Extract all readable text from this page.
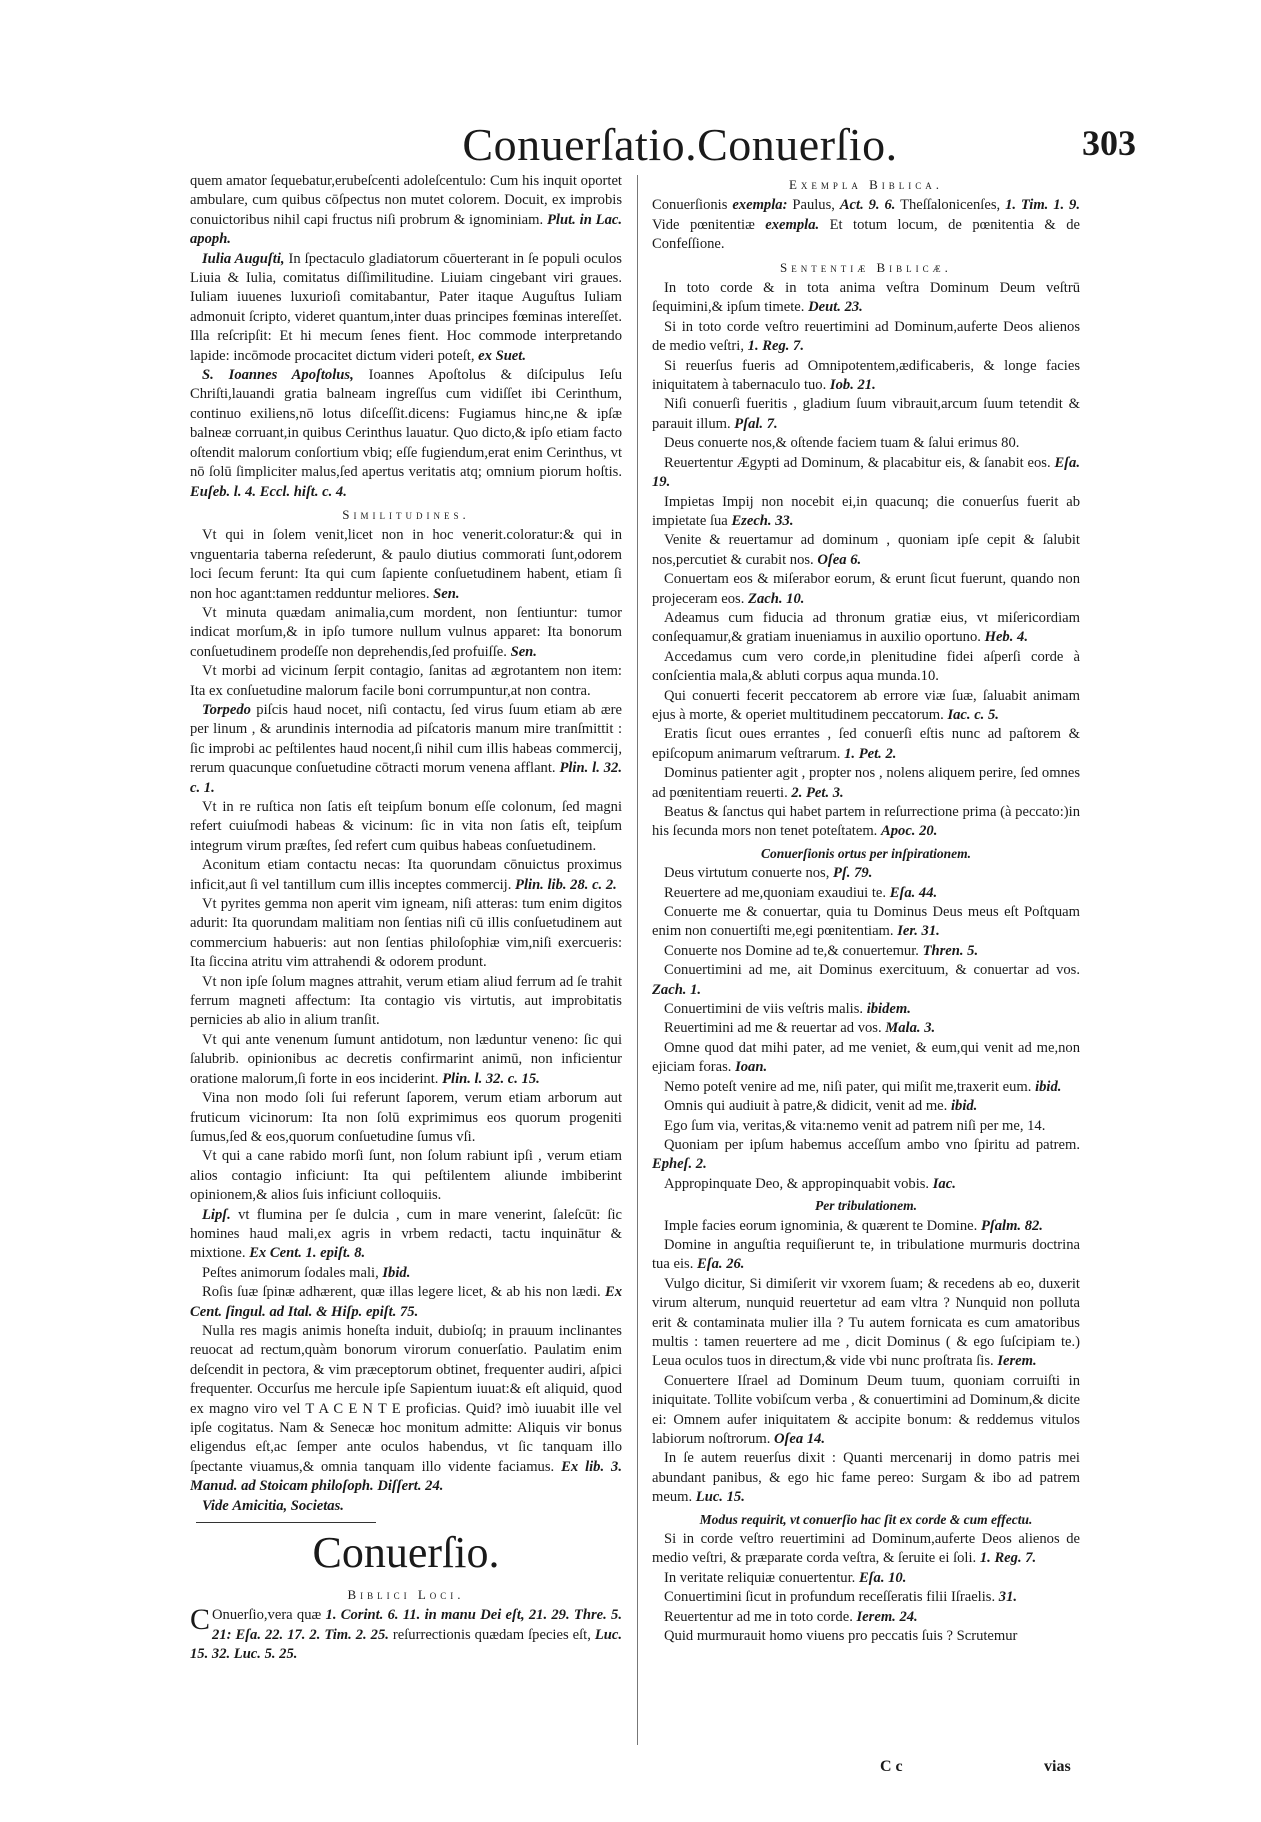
Conuerſatio.Conuerſio.	303

quem amator ſequebatur,erubeſcenti adoleſcentulo: Cum his inquit oportet ambulare, cum quibus cōſpectus non mutet colorem. Docuit, ex improbis conuictoribus nihil capi fructus niſi probrum & ignominiam. Plut. in Lac. apoph.

Iulia Auguſti, In ſpectaculo gladiatorum cōuerterant in ſe populi oculos Liuia & Iulia, comitatus diſſimilitudine. Liuiam cingebant viri graues. Iuliam iuuenes luxurioſi comitabantur, Pater itaque Auguſtus Iuliam admonuit ſcripto, videret quantum,inter duas principes fœminas intereſſet. Illa reſcripſit: Et hi mecum ſenes fient. Hoc commode interpretando lapide: incōmode procacitet dictum videri poteſt, ex Suet.

S. Ioannes Apoſtolus, Ioannes Apoſtolus & diſcipulus Ieſu Chriſti,lauandi gratia balneam ingreſſus cum vidiſſet ibi Cerinthum, continuo exiliens,nō lotus diſceſſit.dicens: Fugiamus hinc,ne & ipſæ balneæ corruant,in quibus Cerinthus lauatur. Quo dicto,& ipſo etiam facto oſtendit malorum conſortium vbiq; eſſe fugiendum,erat enim Cerinthus, vt nō ſolū ſimpliciter malus,ſed apertus veritatis atq; omnium piorum hoſtis. Euſeb. l. 4. Eccl. hiſt. c. 4.

Similitudines.

Vt qui in ſolem venit,licet non in hoc venerit.coloratur:& qui in vnguentaria taberna reſederunt, & paulo diutius commorati ſunt,odorem loci ſecum ferunt: Ita qui cum ſapiente conſuetudinem habent, etiam ſi non hoc agant:tamen redduntur meliores. Sen.

Vt minuta quædam animalia,cum mordent, non ſentiuntur: tumor indicat morſum,& in ipſo tumore nullum vulnus apparet: Ita bonorum conſuetudinem prodeſſe non deprehendis,ſed profuiſſe. Sen.

Vt morbi ad vicinum ſerpit contagio, ſanitas ad ægrotantem non item: Ita ex conſuetudine malorum facile boni corrumpuntur,at non contra.

Torpedo piſcis haud nocet, niſi contactu, ſed virus ſuum etiam ab ære per linum , & arundinis internodia ad piſcatoris manum mire tranſmittit : ſic improbi ac peſtilentes haud nocent,ſi nihil cum illis habeas commercij, rerum quacunque conſuetudine cōtracti morum venena afflant. Plin. l. 32. c. 1.

Vt in re ruſtica non ſatis eſt teipſum bonum eſſe colonum, ſed magni refert cuiuſmodi habeas & vicinum: ſic in vita non ſatis eſt, teipſum integrum virum præſtes, ſed refert cum quibus habeas conſuetudinem.

Aconitum etiam contactu necas: Ita quorundam cōnuictus proximus inficit,aut ſi vel tantillum cum illis inceptes commercij. Plin. lib. 28. c. 2.

Vt pyrites gemma non aperit vim igneam, niſi atteras: tum enim digitos adurit: Ita quorundam malitiam non ſentias niſi cū illis conſuetudinem aut commercium habueris: aut non ſentias philoſophiæ vim,niſi exercueris: Ita ſiccina atritu vim attrahendi & odorem produnt.

Vt non ipſe ſolum magnes attrahit, verum etiam aliud ferrum ad ſe trahit ferrum magneti affectum: Ita contagio vis virtutis, aut improbitatis pernicies ab alio in alium tranſit.

Vt qui ante venenum ſumunt antidotum, non læduntur veneno: ſic qui ſalubrib. opinionibus ac decretis confirmarint animū, non inficientur oratione malorum,ſi forte in eos inciderint. Plin. l. 32. c. 15.

Vina non modo ſoli ſui referunt ſaporem, verum etiam arborum aut fruticum vicinorum: Ita non ſolū exprimimus eos quorum progeniti ſumus,ſed & eos,quorum conſuetudine ſumus vſi.

Vt qui a cane rabido morſi ſunt, non ſolum rabiunt ipſi , verum etiam alios contagio inficiunt: Ita qui peſtilentem aliunde imbiberint opinionem,& alios ſuis inficiunt colloquiis.

Lipſ. vt flumina per ſe dulcia , cum in mare venerint, ſaleſcūt: ſic homines haud mali,ex agris in vrbem redacti, tactu inquinātur & mixtione. Ex Cent. 1. epiſt. 8.

Peſtes animorum ſodales mali, Ibid.

Roſis ſuæ ſpinæ adhærent, quæ illas legere licet, & ab his non lædi. Ex Cent. ſingul. ad Ital. & Hiſp. epiſt. 75.

Nulla res magis animis honeſta induit, dubioſq; in prauum inclinantes reuocat ad rectum,quàm bonorum virorum conuerſatio. Paulatim enim deſcendit in pectora, & vim præceptorum obtinet, frequenter audiri, aſpici frequenter. Occurſus me hercule ipſe Sapientum iuuat:& eſt aliquid, quod ex magno viro vel T A C E N T E proficias. Quid? imò iuuabit ille vel ipſe cogitatus. Nam & Senecæ hoc monitum admitte: Aliquis vir bonus eligendus eſt,ac ſemper ante oculos habendus, vt ſic tanquam illo ſpectante viuamus,& omnia tanquam illo vidente faciamus. Ex lib. 3. Manud. ad Stoicam philoſoph. Diſſert. 24.

Vide Amicitia, Societas.

Conuerſio.
Biblici Loci.

C Onuerſio,vera quæ 1. Corint. 6. 11. in manu Dei eſt, 21. 29. Thre. 5. 21: Eſa. 22. 17. 2. Tim. 2. 25. reſurrectionis quædam ſpecies eſt, Luc. 15. 32. Luc. 5. 25.

Exempla Biblica.

Conuerſionis exempla: Paulus, Act. 9. 6. Theſſalonicenſes, 1. Tim. 1. 9. Vide pœnitentiæ exempla. Et totum locum, de pœnitentia & de Confeſſione.

Sententiæ Biblicæ.

In toto corde & in tota anima veſtra Dominum Deum veſtrū ſequimini,& ipſum timete. Deut. 23.

Si in toto corde veſtro reuertimini ad Dominum,auferte Deos alienos de medio veſtri, 1. Reg. 7.

Si reuerſus fueris ad Omnipotentem,ædificaberis, & longe facies iniquitatem à tabernaculo tuo. Iob. 21.

Niſi conuerſi fueritis , gladium ſuum vibrauit,arcum ſuum tetendit & parauit illum. Pſal. 7.

Deus conuerte nos,& oſtende faciem tuam & ſalui erimus 80.

Reuertentur Ægypti ad Dominum, & placabitur eis, & ſanabit eos. Eſa. 19.

Impietas Impij non nocebit ei,in quacunq; die conuerſus fuerit ab impietate ſua Ezech. 33.

Venite & reuertamur ad dominum , quoniam ipſe cepit & ſalubit nos,percutiet & curabit nos. Oſea 6.

Conuertam eos & miſerabor eorum, & erunt ſicut fuerunt, quando non projeceram eos. Zach. 10.

Adeamus cum fiducia ad thronum gratiæ eius, vt miſericordiam conſequamur,& gratiam inueniamus in auxilio oportuno. Heb. 4.

Accedamus cum vero corde,in plenitudine fidei aſperſi corde à conſcientia mala,& abluti corpus aqua munda.10.

Qui conuerti fecerit peccatorem ab errore viæ ſuæ, ſaluabit animam ejus à morte, & operiet multitudinem peccatorum. Iac. c. 5.

Eratis ſicut oues errantes , ſed conuerſi eſtis nunc ad paſtorem & epiſcopum animarum veſtrarum. 1. Pet. 2.

Dominus patienter agit , propter nos , nolens aliquem perire, ſed omnes ad pœnitentiam reuerti. 2. Pet. 3.

Beatus & ſanctus qui habet partem in reſurrectione prima (à peccato:)in his ſecunda mors non tenet poteſtatem. Apoc. 20.

Conuerſionis ortus per inſpirationem.

Deus virtutum conuerte nos, Pſ. 79.

Reuertere ad me,quoniam exaudiui te. Eſa. 44.

Conuerte me & conuertar, quia tu Dominus Deus meus eſt Poſtquam enim non conuertiſti me,egi pœnitentiam. Ier. 31.

Conuerte nos Domine ad te,& conuertemur. Thren. 5.

Conuertimini ad me, ait Dominus exercituum, & conuertar ad vos. Zach. 1.

Conuertimini de viis veſtris malis. ibidem.

Reuertimini ad me & reuertar ad vos. Mala. 3.

Omne quod dat mihi pater, ad me veniet, & eum,qui venit ad me,non ejiciam foras. Ioan.

Nemo poteſt venire ad me, niſi pater, qui miſit me,traxerit eum. ibid.

Omnis qui audiuit à patre,& didicit, venit ad me. ibid.

Ego ſum via, veritas,& vita:nemo venit ad patrem niſi per me, 14.

Quoniam per ipſum habemus acceſſum ambo vno ſpiritu ad patrem. Epheſ. 2.

Appropinquate Deo, & appropinquabit vobis. Iac.

Per tribulationem.

Imple facies eorum ignominia, & quærent te Domine. Pſalm. 82.

Domine in anguſtia requiſierunt te, in tribulatione murmuris doctrina tua eis. Eſa. 26.

Vulgo dicitur, Si dimiſerit vir vxorem ſuam; & recedens ab eo, duxerit virum alterum, nunquid reuertetur ad eam vltra ? Nunquid non polluta erit & contaminata mulier illa ? Tu autem fornicata es cum amatoribus multis : tamen reuertere ad me , dicit Dominus ( & ego ſuſcipiam te.) Leua oculos tuos in directum,& vide vbi nunc proſtrata ſis. Ierem.

Conuertere Iſrael ad Dominum Deum tuum, quoniam corruiſti in iniquitate. Tollite vobiſcum verba , & conuertimini ad Dominum,& dicite ei: Omnem aufer iniquitatem & accipite bonum: & reddemus vitulos labiorum noſtrorum. Oſea 14.

In ſe autem reuerſus dixit : Quanti mercenarij in domo patris mei abundant panibus, & ego hic fame pereo: Surgam & ibo ad patrem meum. Luc. 15.

Modus requirit, vt conuerſio hac ſit ex corde & cum effectu.

Si in corde veſtro reuertimini ad Dominum,auferte Deos alienos de medio veſtri, & præparate corda veſtra, & ſeruite ei ſoli. 1. Reg. 7.

In veritate reliquiæ conuertentur. Eſa. 10.

Conuertimini ſicut in profundum receſſeratis filii Iſraelis. 31.

Reuertentur ad me in toto corde. Ierem. 24.

Quid murmurauit homo viuens pro peccatis ſuis ? Scrutemur

C c	vias
